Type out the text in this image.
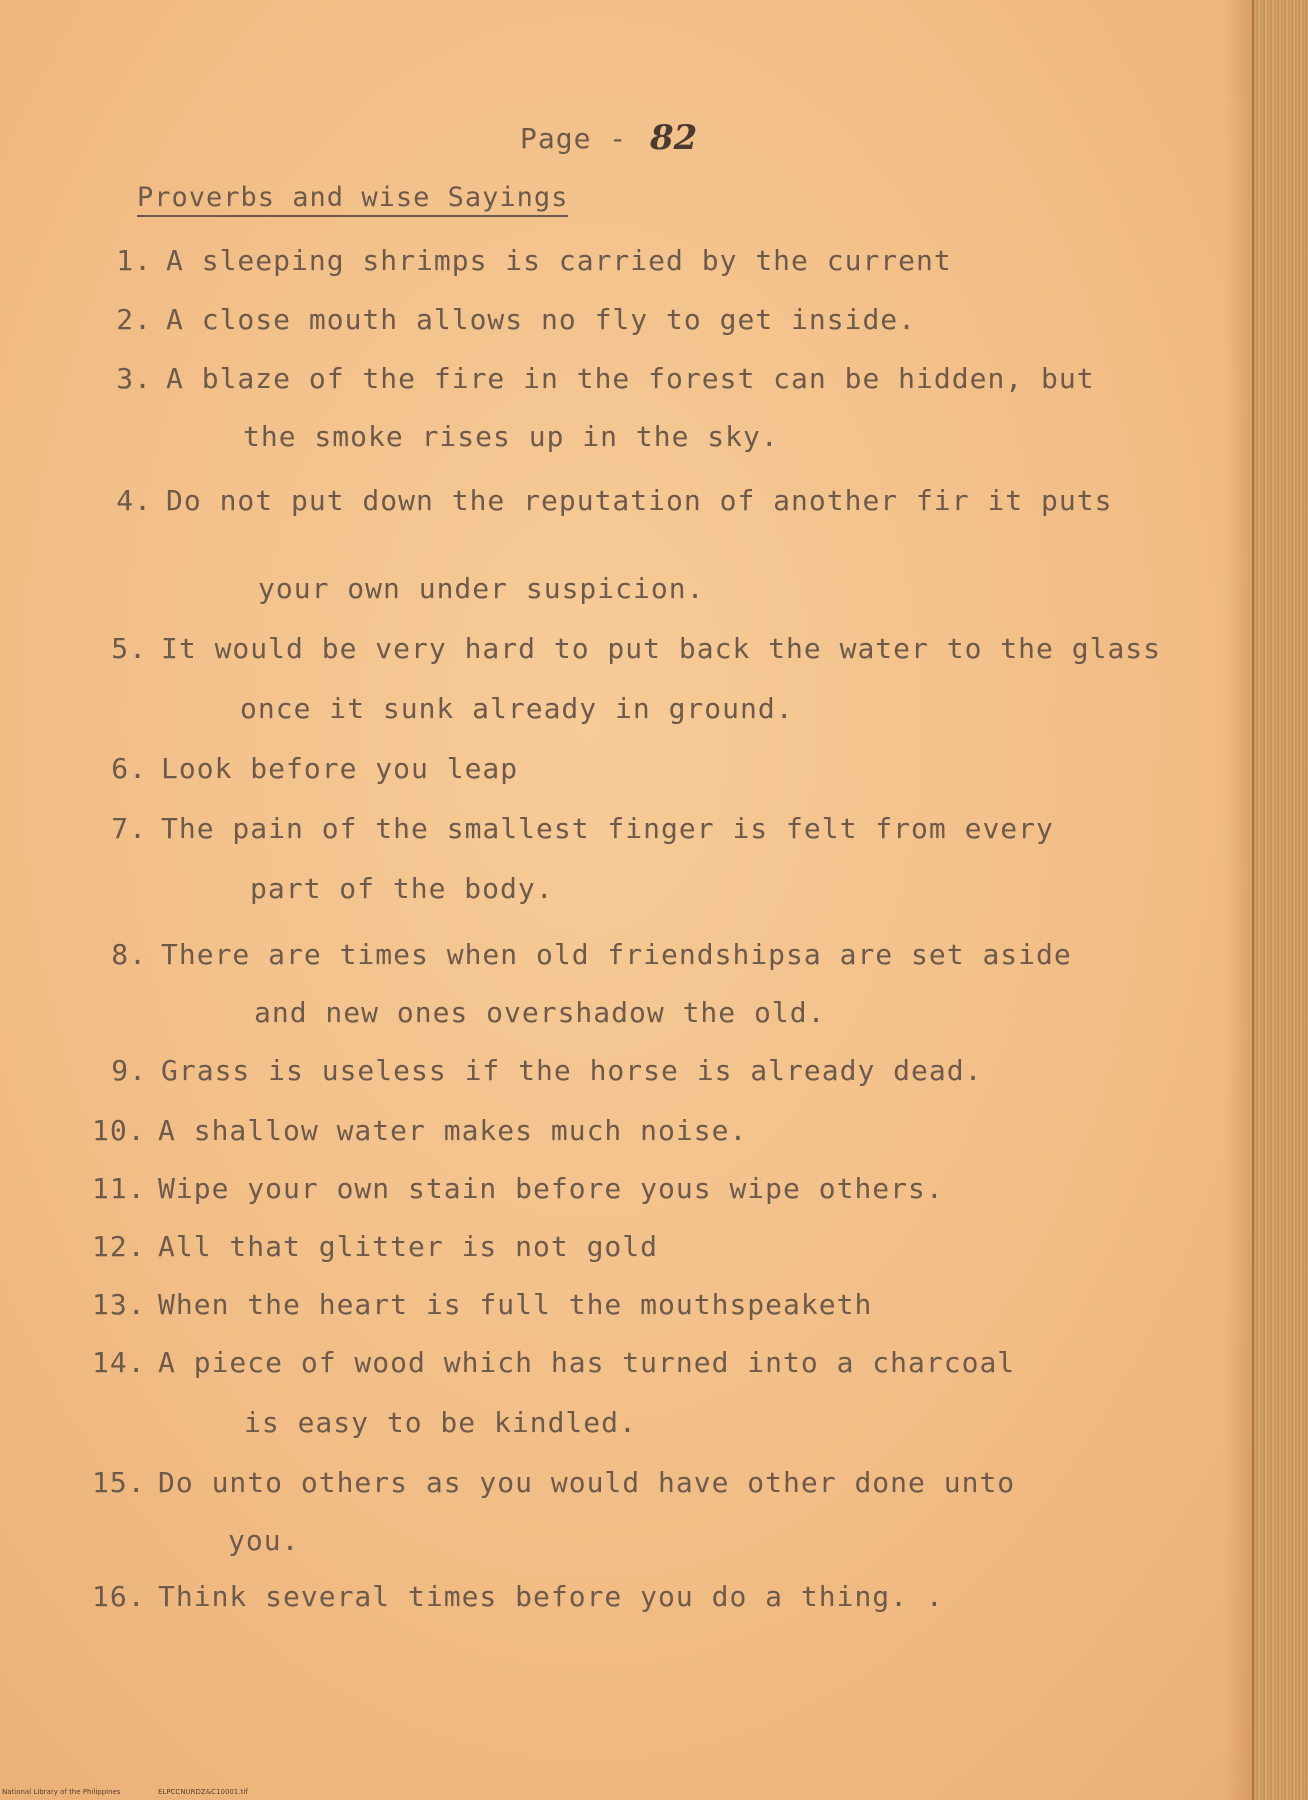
Page - 82
Proverbs and wise Sayings
1. A sleeping shrimps is carried by the current
2. A close mouth allows no fly to get inside.
3. A blaze of the fire in the forest can be hidden, but
the smoke rises up in the sky.
4. Do not put down the reputation of another fir it puts
your own under suspicion.
5. It would be very hard to put back the water to the glass
once it sunk already in ground.
6. Look before you leap
7. The pain of the smallest finger is felt from every
part of the body.
8. There are times when old friendshipsa are set aside
and new ones overshadow the old.
9. Grass is useless if the horse is already dead.
10. A shallow water makes much noise.
11. Wipe your own stain before yous wipe others.
12. All that glitter is not gold
13. When the heart is full the mouthspeaketh
14. A piece of wood which has turned into a charcoal
is easy to be kindled.
15. Do unto others as you would have other done unto
you.
16. Think several times before you do a thing. .
National Library of the Philippines	ELPCCNURDZ&C10001.tif
